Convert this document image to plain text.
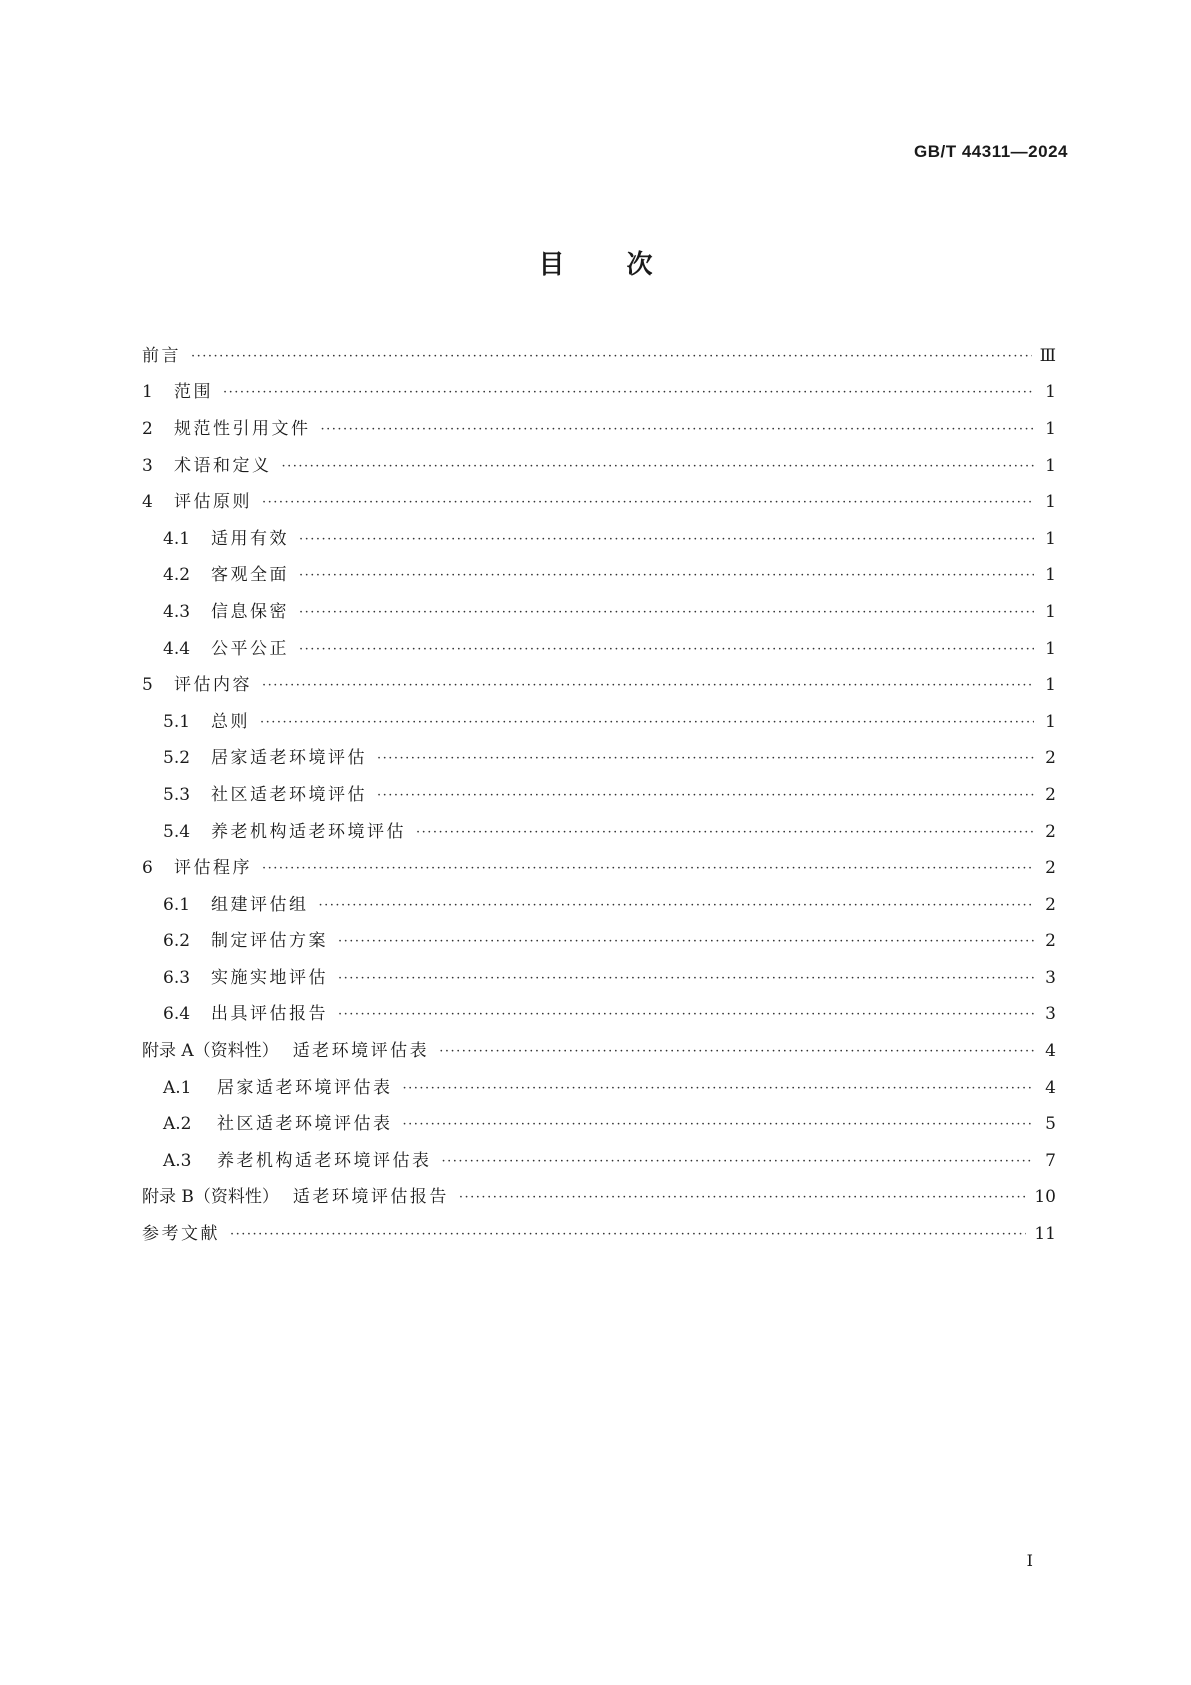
GB/T 44311—2024
目次
前言 ·····	Ⅲ
1	范围 ·····	1
2	规范性引用文件 ·····	1
3	术语和定义 ·····	1
4	评估原则 ·····	1
4.1	适用有效 ·····	1
4.2	客观全面 ·····	1
4.3	信息保密 ·····	1
4.4	公平公正 ·····	1
5	评估内容 ·····	1
5.1	总则 ·····	1
5.2	居家适老环境评估 ·····	2
5.3	社区适老环境评估 ·····	2
5.4	养老机构适老环境评估 ·····	2
6	评估程序 ·····	2
6.1	组建评估组 ·····	2
6.2	制定评估方案 ·····	2
6.3	实施实地评估 ·····	3
6.4	出具评估报告 ·····	3
附录 A（资料性） 适老环境评估表 ·····	4
A.1	居家适老环境评估表 ·····	4
A.2	社区适老环境评估表 ·····	5
A.3	养老机构适老环境评估表 ·····	7
附录 B（资料性） 适老环境评估报告 ·····	10
参考文献 ·····	11
I
